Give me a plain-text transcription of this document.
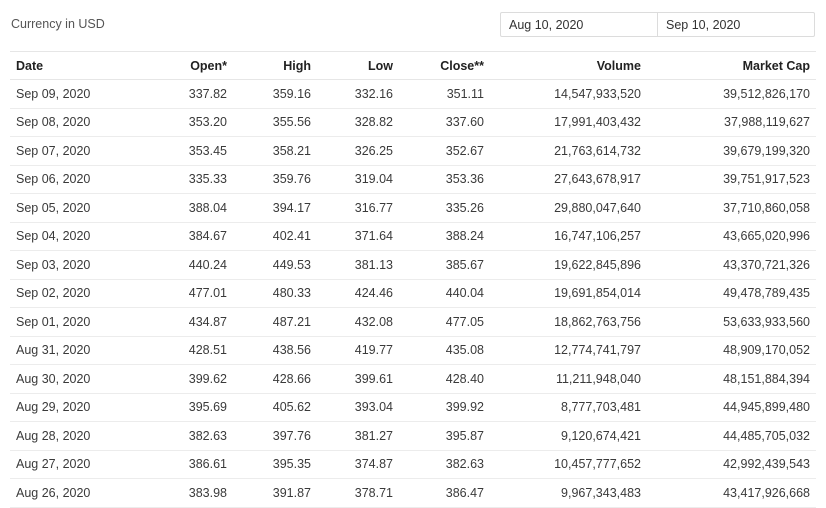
Currency in USD	Aug 10, 2020	Sep 10, 2020
Date	Open*	High	Low	Close**	Volume	Market Cap
Sep 09, 2020	337.82	359.16	332.16	351.11	14,547,933,520	39,512,826,170
Sep 08, 2020	353.20	355.56	328.82	337.60	17,991,403,432	37,988,119,627
Sep 07, 2020	353.45	358.21	326.25	352.67	21,763,614,732	39,679,199,320
Sep 06, 2020	335.33	359.76	319.04	353.36	27,643,678,917	39,751,917,523
Sep 05, 2020	388.04	394.17	316.77	335.26	29,880,047,640	37,710,860,058
Sep 04, 2020	384.67	402.41	371.64	388.24	16,747,106,257	43,665,020,996
Sep 03, 2020	440.24	449.53	381.13	385.67	19,622,845,896	43,370,721,326
Sep 02, 2020	477.01	480.33	424.46	440.04	19,691,854,014	49,478,789,435
Sep 01, 2020	434.87	487.21	432.08	477.05	18,862,763,756	53,633,933,560
Aug 31, 2020	428.51	438.56	419.77	435.08	12,774,741,797	48,909,170,052
Aug 30, 2020	399.62	428.66	399.61	428.40	11,211,948,040	48,151,884,394
Aug 29, 2020	395.69	405.62	393.04	399.92	8,777,703,481	44,945,899,480
Aug 28, 2020	382.63	397.76	381.27	395.87	9,120,674,421	44,485,705,032
Aug 27, 2020	386.61	395.35	374.87	382.63	10,457,777,652	42,992,439,543
Aug 26, 2020	383.98	391.87	378.71	386.47	9,967,343,483	43,417,926,668
